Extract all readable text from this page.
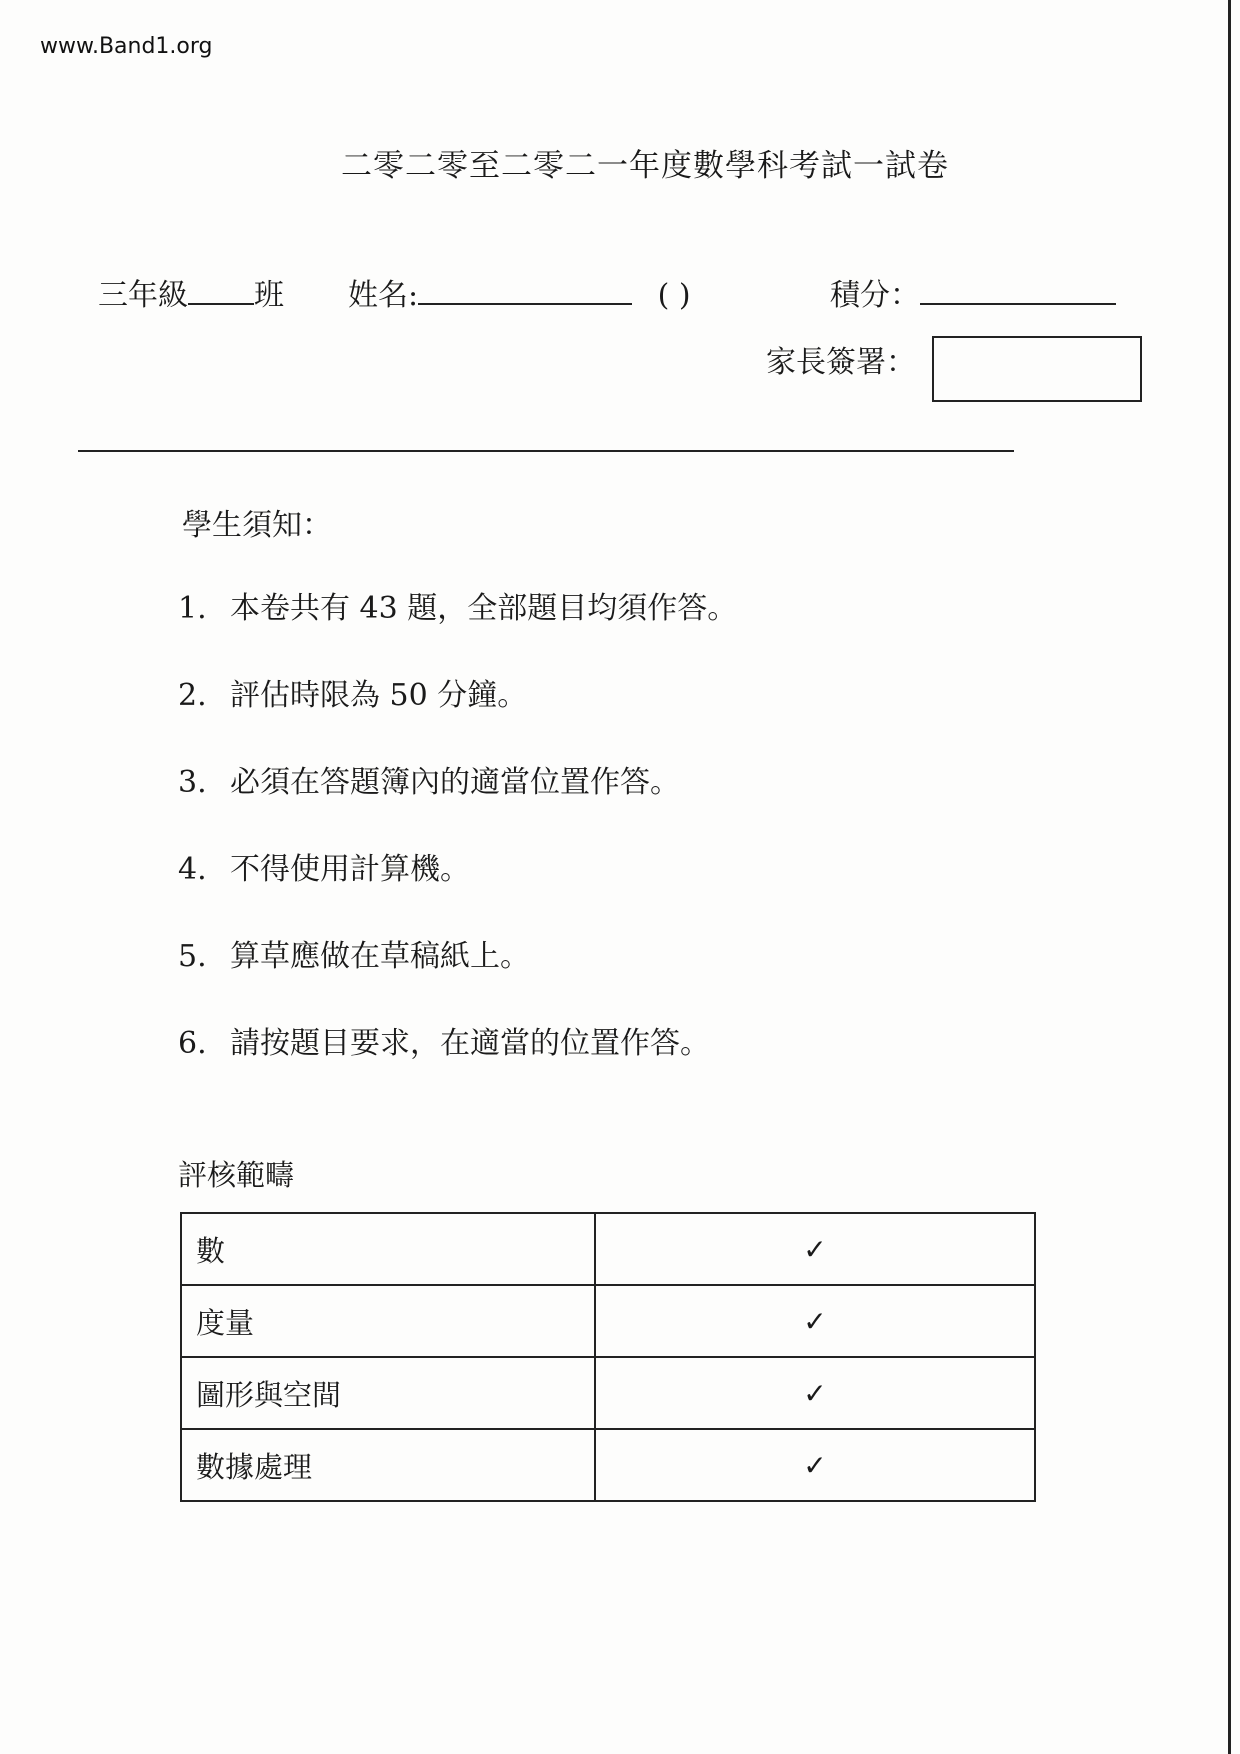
www.Band1.org
二零二零至二零二一年度數學科考試一試卷
三年級 班 姓名:	( )	積分：
家長簽署：
學生須知：
1. 本卷共有 43 題，全部題目均須作答。
2. 評估時限為 50 分鐘。
3. 必須在答題簿內的適當位置作答。
4. 不得使用計算機。
5. 算草應做在草稿紙上。
6. 請按題目要求，在適當的位置作答。
評核範疇
數	✓
度量	✓
圖形與空間	✓
數據處理	✓
